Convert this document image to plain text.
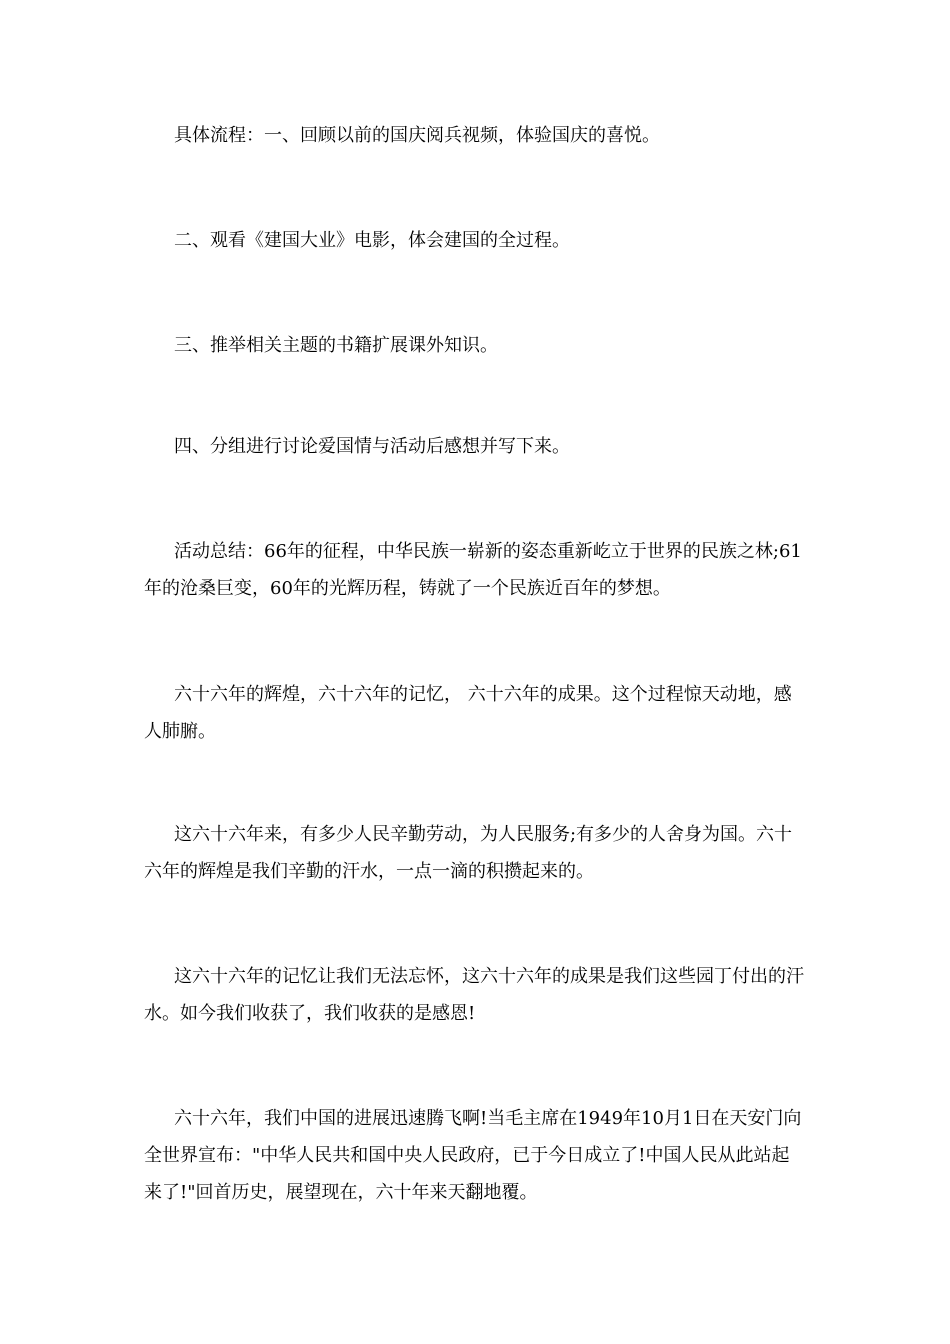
具体流程：一、回顾以前的国庆阅兵视频，体验国庆的喜悦。

二、观看《建国大业》电影，体会建国的全过程。

三、推举相关主题的书籍扩展课外知识。

四、分组进行讨论爱国情与活动后感想并写下来。

活动总结：66年的征程，中华民族一崭新的姿态重新屹立于世界的民族之林;61年的沧桑巨变，60年的光辉历程，铸就了一个民族近百年的梦想。

六十六年的辉煌，六十六年的记忆， 六十六年的成果。这个过程惊天动地，感人肺腑。

这六十六年来，有多少人民辛勤劳动，为人民服务;有多少的人舍身为国。六十六年的辉煌是我们辛勤的汗水，一点一滴的积攒起来的。

这六十六年的记忆让我们无法忘怀，这六十六年的成果是我们这些园丁付出的汗水。如今我们收获了，我们收获的是感恩!

六十六年，我们中国的进展迅速腾飞啊!当毛主席在1949年10月1日在天安门向全世界宣布："中华人民共和国中央人民政府，已于今日成立了!中国人民从此站起来了!"回首历史，展望现在，六十年来天翻地覆。
